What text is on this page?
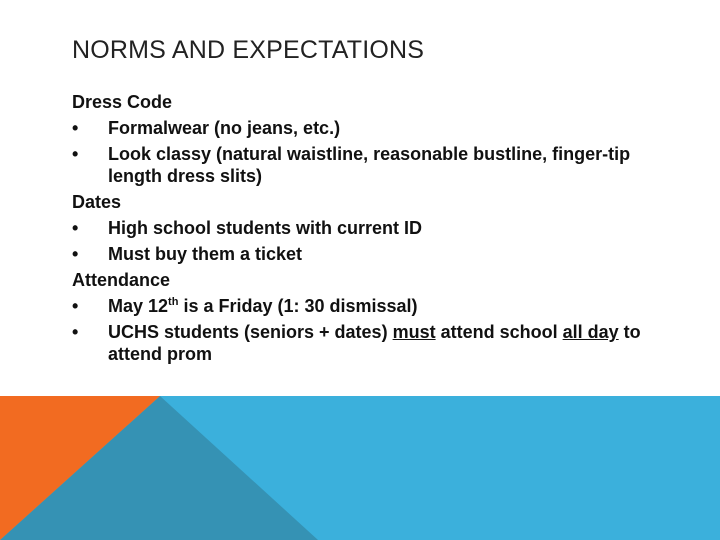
NORMS AND EXPECTATIONS
Dress Code
•	Formalwear (no jeans, etc.)
•	Look classy (natural waistline, reasonable bustline, finger-tip length dress slits)
Dates
•	High school students with current ID
•	Must buy them a ticket
Attendance
•	May 12th is a Friday (1: 30 dismissal)
•	UCHS students (seniors + dates) must attend school all day to attend prom
